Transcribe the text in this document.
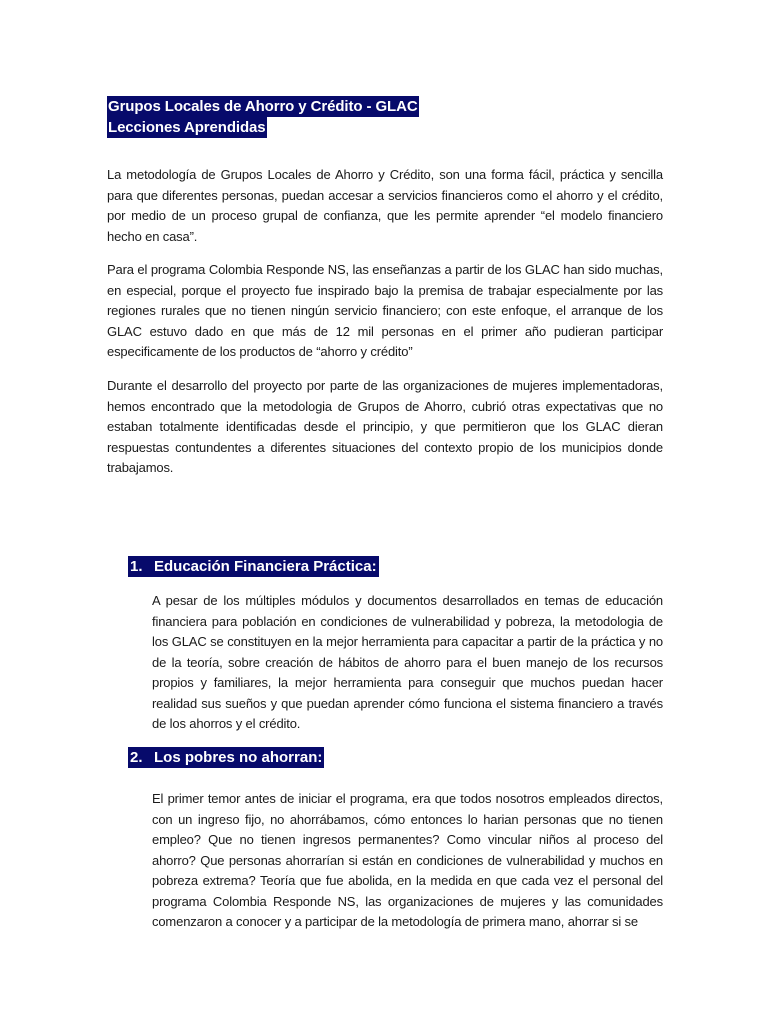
Grupos Locales de Ahorro y Crédito - GLAC
Lecciones Aprendidas

La metodología de Grupos Locales de Ahorro y Crédito, son una forma fácil, práctica y sencilla para que diferentes personas, puedan accesar a servicios financieros como el ahorro y el crédito, por medio de un proceso grupal de confianza, que les permite aprender “el modelo financiero hecho en casa”.

Para el programa Colombia Responde NS, las enseñanzas a partir de los GLAC han sido muchas, en especial, porque el proyecto fue inspirado bajo la premisa de trabajar especialmente por las regiones rurales que no tienen ningún servicio financiero; con este enfoque, el arranque de los GLAC estuvo dado en que más de 12 mil personas en el primer año pudieran participar especificamente de los productos de “ahorro y crédito”

Durante el desarrollo del proyecto por parte de las organizaciones de mujeres implementadoras, hemos encontrado que la metodologia de Grupos de Ahorro, cubrió otras expectativas que no estaban totalmente identificadas desde el principio, y que permitieron que los GLAC dieran respuestas contundentes a diferentes situaciones del contexto propio de los municipios donde trabajamos.

1. Educación Financiera Práctica:

A pesar de los múltiples módulos y documentos desarrollados en temas de educación financiera para población en condiciones de vulnerabilidad y pobreza, la metodologia de los GLAC se constituyen en la mejor herramienta para capacitar a partir de la práctica y no de la teoría, sobre creación de hábitos de ahorro para el buen manejo de los recursos propios y familiares, la mejor herramienta para conseguir que muchos puedan hacer realidad sus sueños y que puedan aprender cómo funciona el sistema financiero a través de los ahorros y el crédito.

2. Los pobres no ahorran:

El primer temor antes de iniciar el programa, era que todos nosotros empleados directos, con un ingreso fijo, no ahorrábamos, cómo entonces lo harian personas que no tienen empleo? Que no tienen ingresos permanentes? Como vincular niños al proceso del ahorro? Que personas ahorrarían si están en condiciones de vulnerabilidad y muchos en pobreza extrema? Teoría que fue abolida, en la medida en que cada vez el personal del programa Colombia Responde NS, las organizaciones de mujeres y las comunidades comenzaron a conocer y a participar de la metodología de primera mano, ahorrar si se
